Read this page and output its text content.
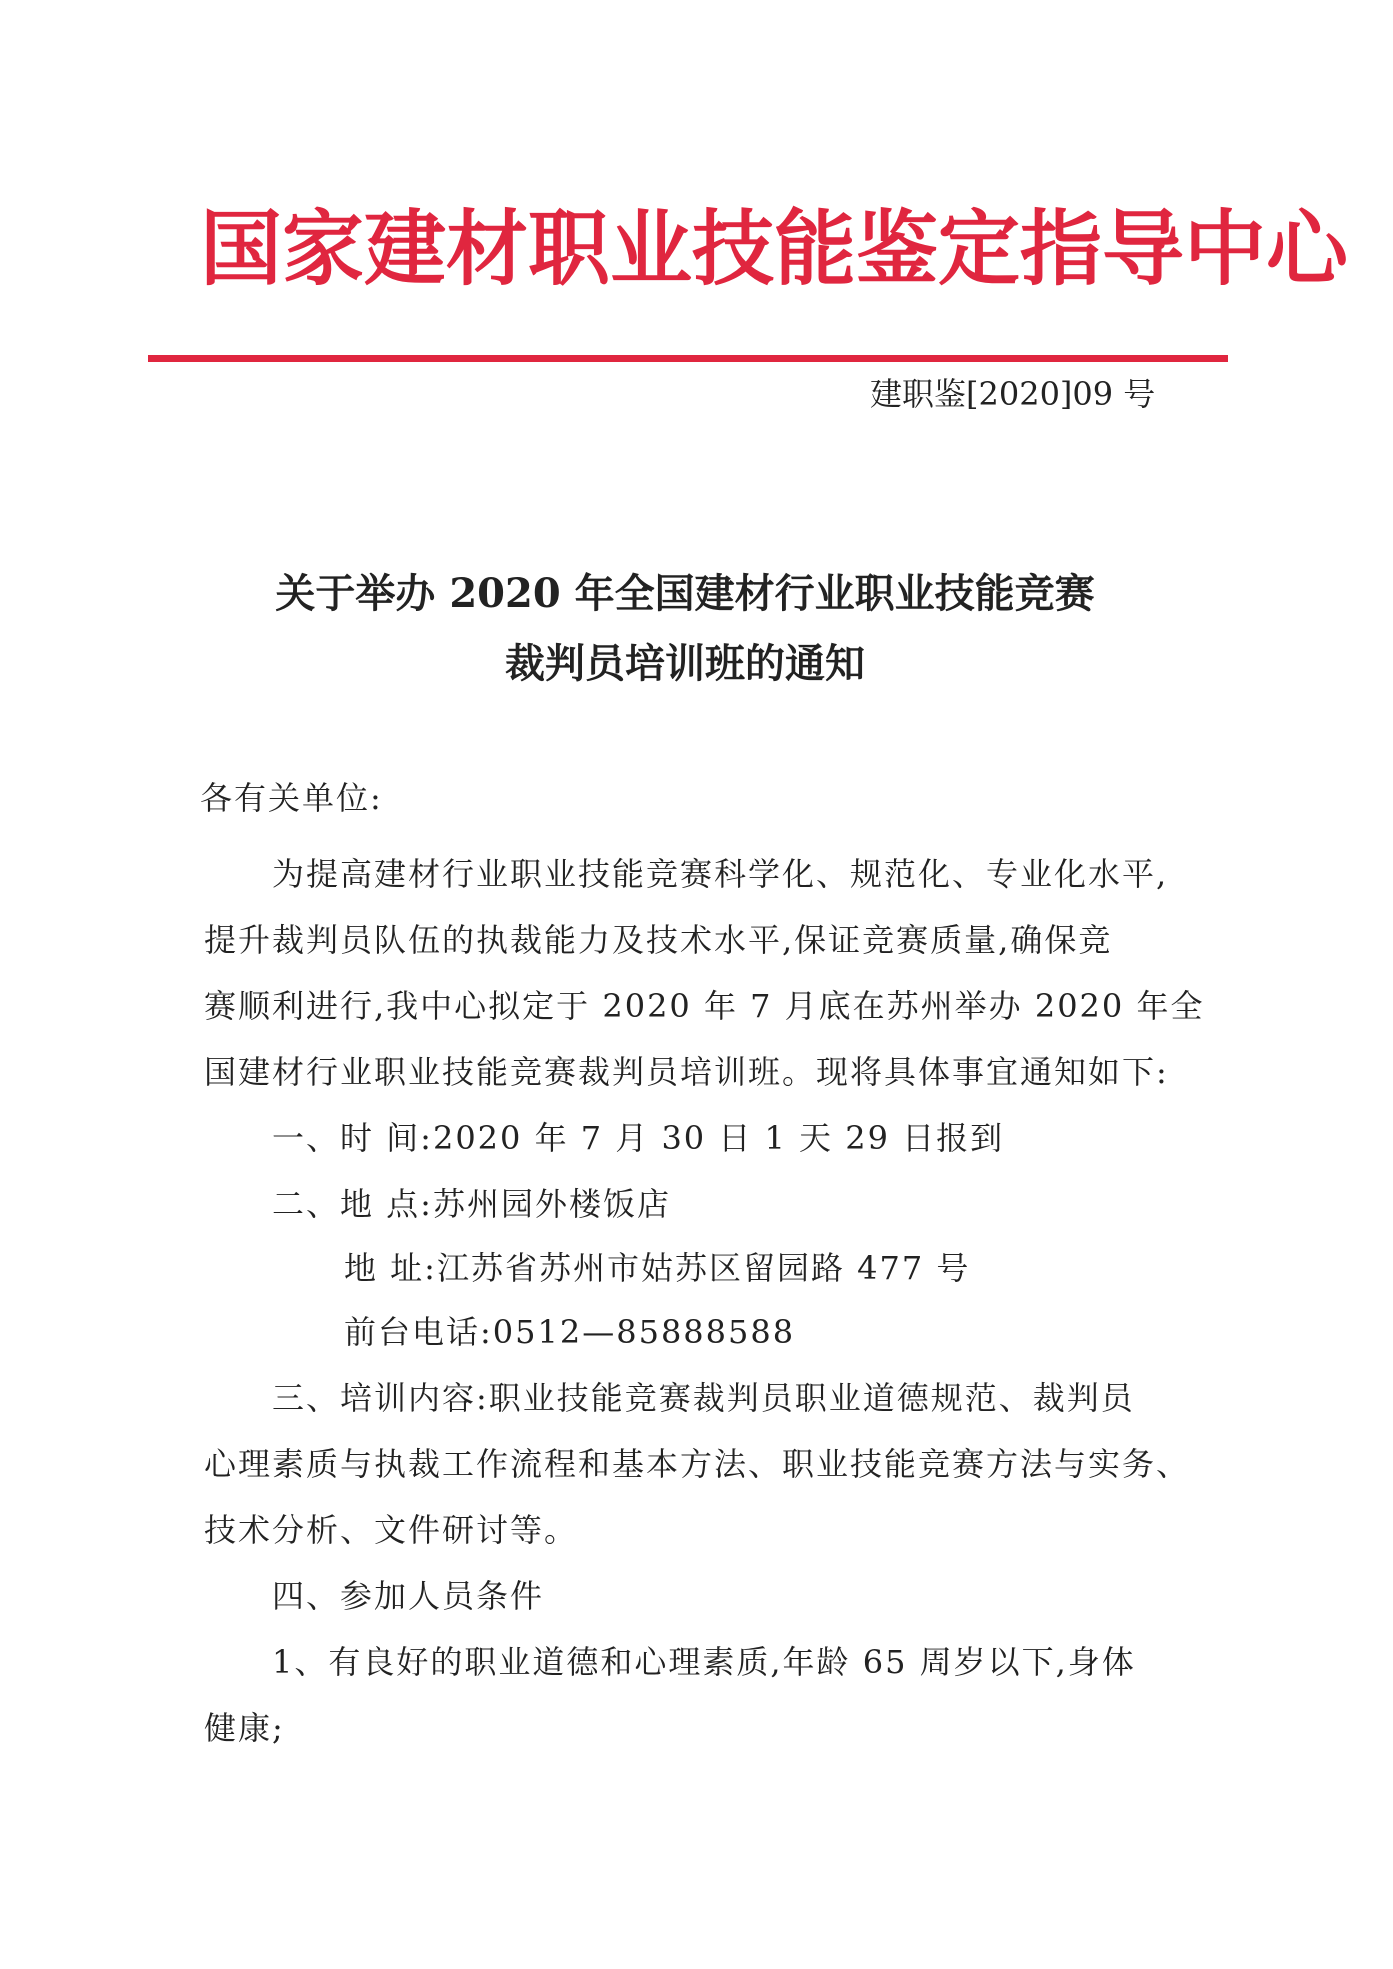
国家建材职业技能鉴定指导中心
建职鉴[2020]09 号
关于举办 2020 年全国建材行业职业技能竞赛
裁判员培训班的通知
各有关单位:
为提高建材行业职业技能竞赛科学化、规范化、专业化水平,
提升裁判员队伍的执裁能力及技术水平,保证竞赛质量,确保竞
赛顺利进行,我中心拟定于 2020 年 7 月底在苏州举办 2020 年全
国建材行业职业技能竞赛裁判员培训班。现将具体事宜通知如下:
一、时 间:2020 年 7 月 30 日 1 天 29 日报到
二、地 点:苏州园外楼饭店
地 址:江苏省苏州市姑苏区留园路 477 号
前台电话:0512—85888588
三、培训内容:职业技能竞赛裁判员职业道德规范、裁判员
心理素质与执裁工作流程和基本方法、职业技能竞赛方法与实务、
技术分析、文件研讨等。
四、参加人员条件
1、有良好的职业道德和心理素质,年龄 65 周岁以下,身体
健康;
